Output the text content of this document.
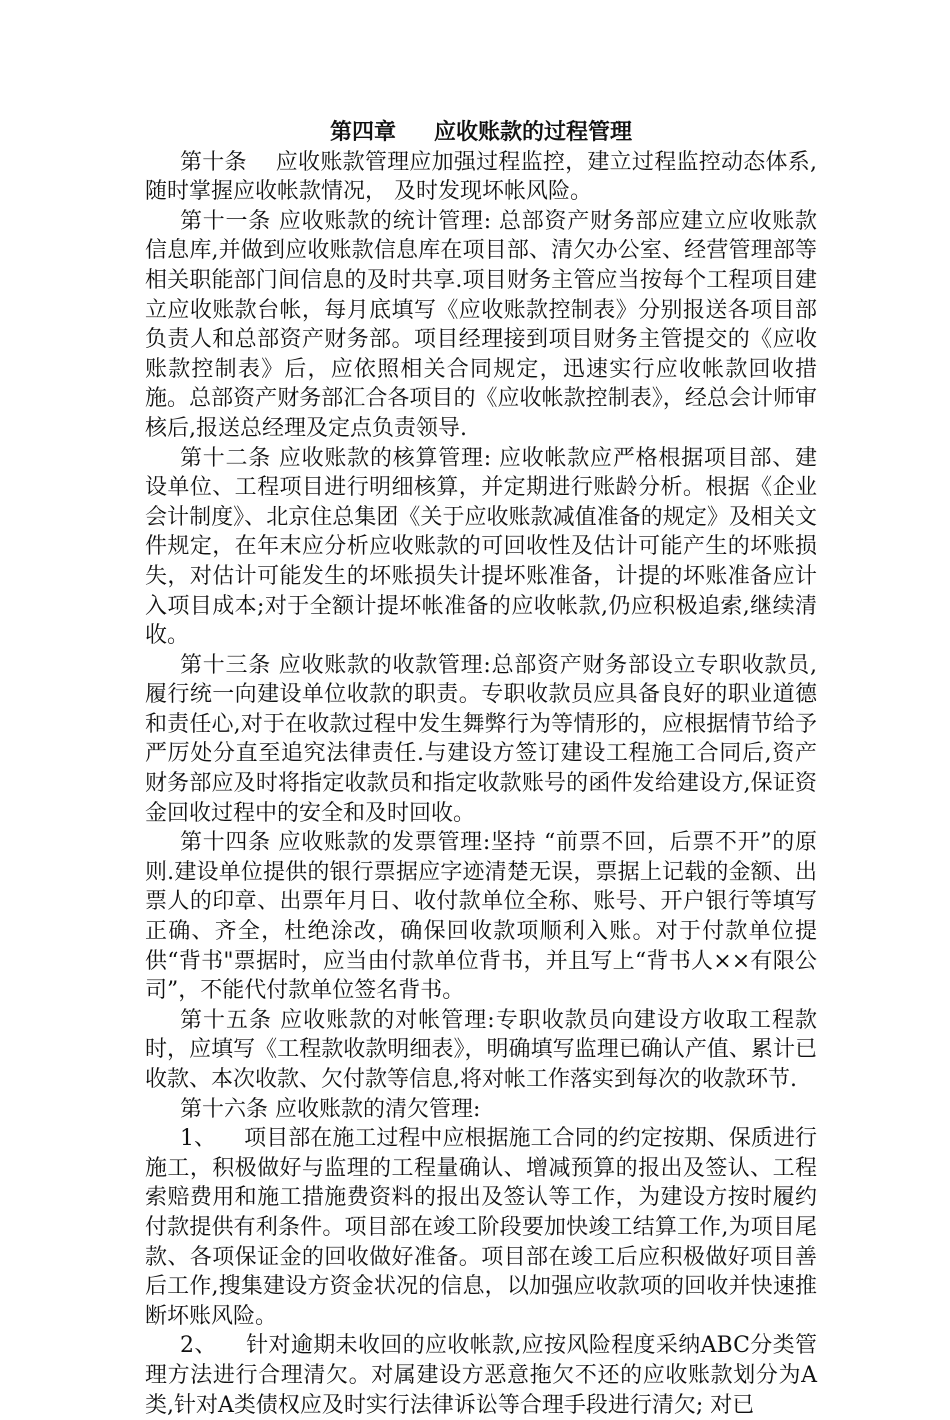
第四章 应收账款的过程管理

第十条    应收账款管理应加强过程监控，建立过程监控动态体系,随时掌握应收帐款情况， 及时发现坏帐风险。

第十一条 应收账款的统计管理: 总部资产财务部应建立应收账款信息库,并做到应收账款信息库在项目部、清欠办公室、经营管理部等相关职能部门间信息的及时共享.项目财务主管应当按每个工程项目建立应收账款台帐，每月底填写《应收账款控制表》分别报送各项目部负责人和总部资产财务部。项目经理接到项目财务主管提交的《应收账款控制表》后，应依照相关合同规定，迅速实行应收帐款回收措施。总部资产财务部汇合各项目的《应收帐款控制表》，经总会计师审核后,报送总经理及定点负责领导.

第十二条 应收账款的核算管理: 应收帐款应严格根据项目部、建设单位、工程项目进行明细核算，并定期进行账龄分析。根据《企业会计制度》、北京住总集团《关于应收账款减值准备的规定》及相关文件规定，在年末应分析应收账款的可回收性及估计可能产生的坏账损失，对估计可能发生的坏账损失计提坏账准备，计提的坏账准备应计入项目成本;对于全额计提坏帐准备的应收帐款,仍应积极追索,继续清收。

第十三条 应收账款的收款管理:总部资产财务部设立专职收款员,履行统一向建设单位收款的职责。专职收款员应具备良好的职业道德和责任心,对于在收款过程中发生舞弊行为等情形的，应根据情节给予严厉处分直至追究法律责任.与建设方签订建设工程施工合同后,资产财务部应及时将指定收款员和指定收款账号的函件发给建设方,保证资金回收过程中的安全和及时回收。

第十四条 应收账款的发票管理:坚持 “前票不回，后票不开”的原则.建设单位提供的银行票据应字迹清楚无误，票据上记载的金额、出票人的印章、出票年月日、收付款单位全称、账号、开户银行等填写正确、齐全，杜绝涂改，确保回收款项顺利入账。对于付款单位提供“背书"票据时，应当由付款单位背书，并且写上“背书人××有限公司”，不能代付款单位签名背书。

第十五条 应收账款的对帐管理:专职收款员向建设方收取工程款时，应填写《工程款收款明细表》，明确填写监理已确认产值、累计已收款、本次收款、欠付款等信息,将对帐工作落实到每次的收款环节.

第十六条 应收账款的清欠管理:

1、    项目部在施工过程中应根据施工合同的约定按期、保质进行施工，积极做好与监理的工程量确认、增减预算的报出及签认、工程索赔费用和施工措施费资料的报出及签认等工作，为建设方按时履约付款提供有利条件。项目部在竣工阶段要加快竣工结算工作,为项目尾款、各项保证金的回收做好准备。项目部在竣工后应积极做好项目善后工作,搜集建设方资金状况的信息，以加强应收款项的回收并快速推断坏账风险。

2、    针对逾期未收回的应收帐款,应按风险程度采纳ABC分类管理方法进行合理清欠。对属建设方恶意拖欠不还的应收账款划分为A类,针对A类债权应及时实行法律诉讼等合理手段进行清欠; 对已
